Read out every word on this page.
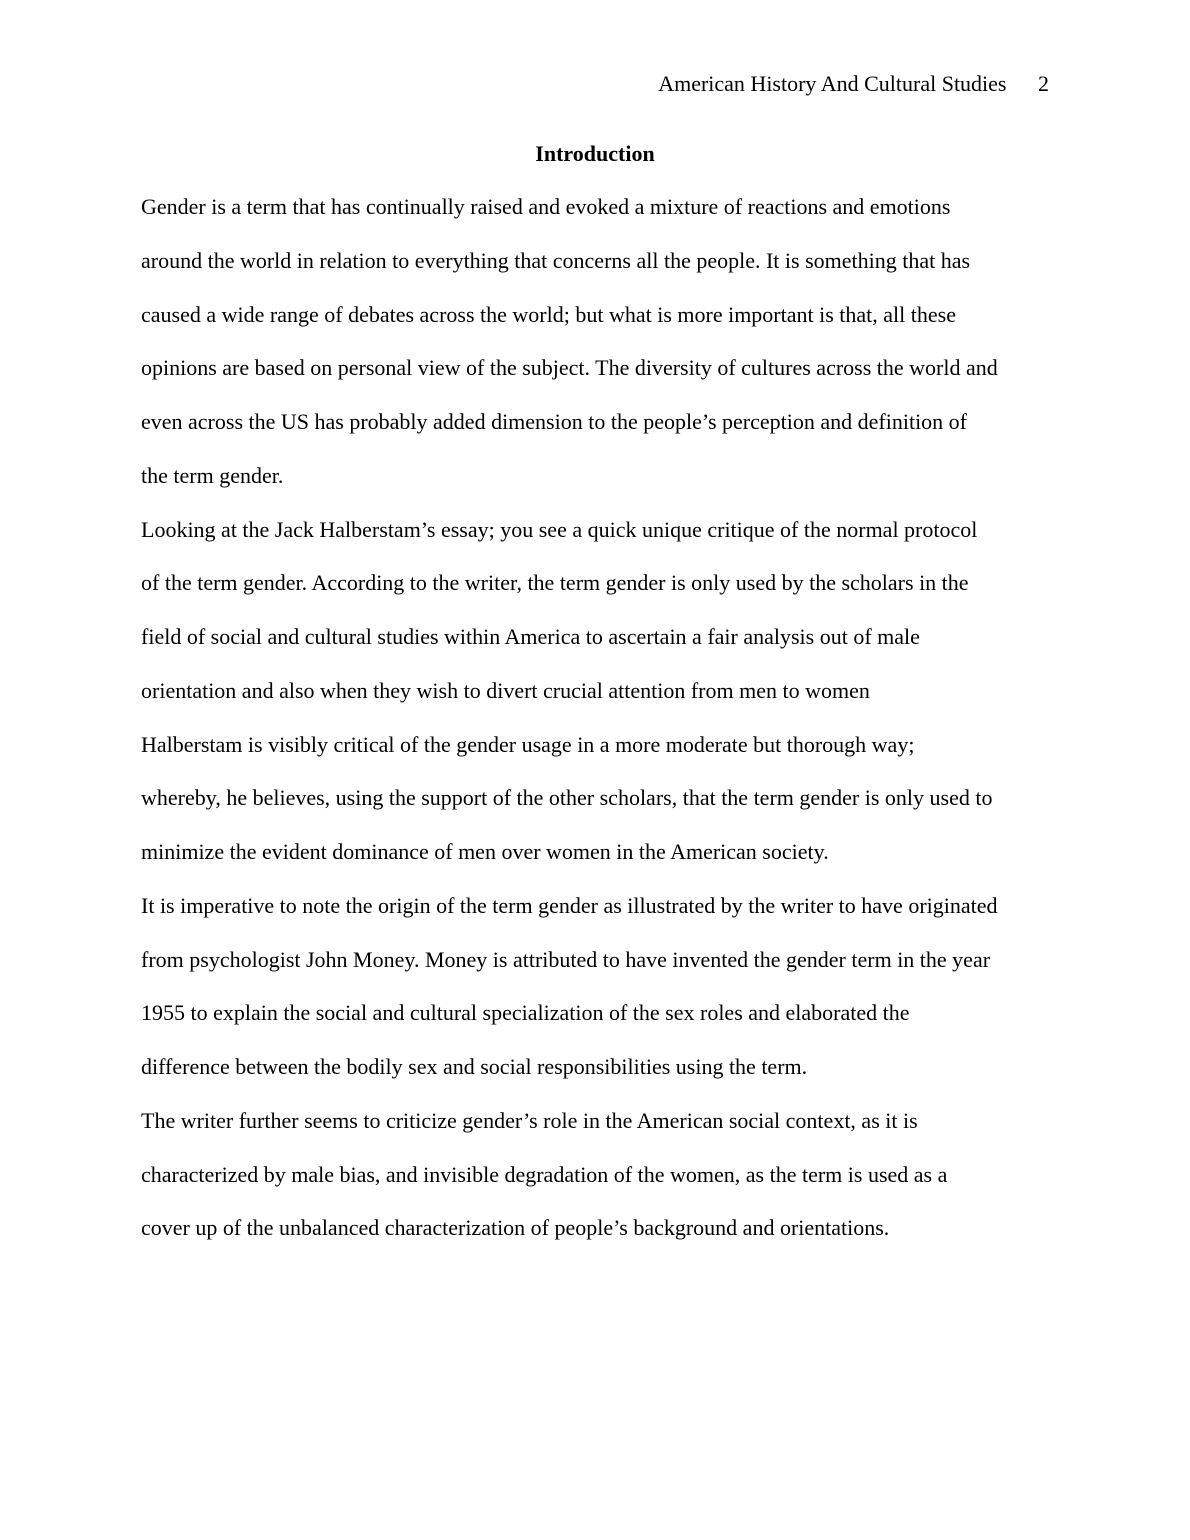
American History And Cultural Studies 2
Introduction

Gender is a term that has continually raised and evoked a mixture of reactions and emotions
around the world in relation to everything that concerns all the people. It is something that has
caused a wide range of debates across the world; but what is more important is that, all these
opinions are based on personal view of the subject. The diversity of cultures across the world and
even across the US has probably added dimension to the people’s perception and definition of
the term gender.

Looking at the Jack Halberstam’s essay; you see a quick unique critique of the normal protocol
of the term gender. According to the writer, the term gender is only used by the scholars in the
field of social and cultural studies within America to ascertain a fair analysis out of male
orientation and also when they wish to divert crucial attention from men to women
Halberstam is visibly critical of the gender usage in a more moderate but thorough way;
whereby, he believes, using the support of the other scholars, that the term gender is only used to
minimize the evident dominance of men over women in the American society.

It is imperative to note the origin of the term gender as illustrated by the writer to have originated
from psychologist John Money. Money is attributed to have invented the gender term in the year
1955 to explain the social and cultural specialization of the sex roles and elaborated the
difference between the bodily sex and social responsibilities using the term.

The writer further seems to criticize gender’s role in the American social context, as it is
characterized by male bias, and invisible degradation of the women, as the term is used as a
cover up of the unbalanced characterization of people’s background and orientations.
